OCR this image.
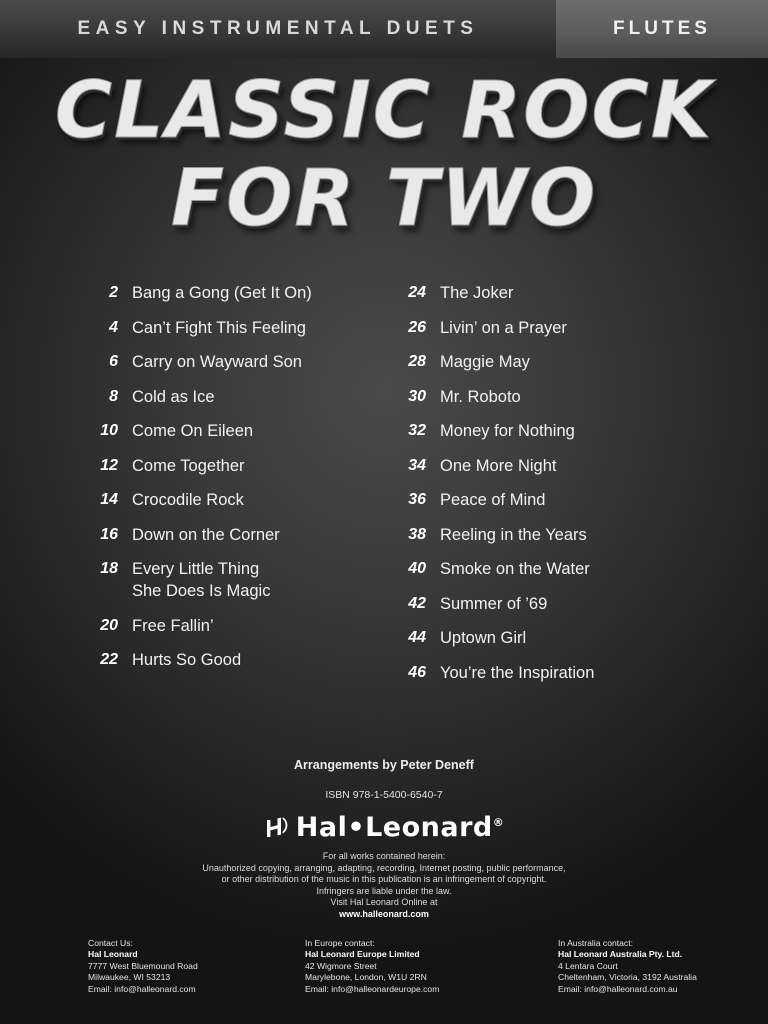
EASY INSTRUMENTAL DUETS	FLUTES
CLASSIC ROCK
FOR TWO
2 Bang a Gong (Get It On)
4 Can’t Fight This Feeling
6 Carry on Wayward Son
8 Cold as Ice
10 Come On Eileen
12 Come Together
14 Crocodile Rock
16 Down on the Corner
18 Every Little Thing
She Does Is Magic
20 Free Fallin’
22 Hurts So Good
24 The Joker
26 Livin’ on a Prayer
28 Maggie May
30 Mr. Roboto
32 Money for Nothing
34 One More Night
36 Peace of Mind
38 Reeling in the Years
40 Smoke on the Water
42 Summer of ’69
44 Uptown Girl
46 You’re the Inspiration
Arrangements by Peter Deneff
ISBN 978-1-5400-6540-7
Hal•Leonard®
For all works contained herein:
Unauthorized copying, arranging, adapting, recording, Internet posting, public performance,
or other distribution of the music in this publication is an infringement of copyright.
Infringers are liable under the law.
Visit Hal Leonard Online at
www.halleonard.com
Contact Us:
Hal Leonard
7777 West Bluemound Road
Milwaukee, WI 53213
Email: info@halleonard.com
In Europe contact:
Hal Leonard Europe Limited
42 Wigmore Street
Marylebone, London, W1U 2RN
Email: info@halleonardeurope.com
In Australia contact:
Hal Leonard Australia Pty. Ltd.
4 Lentara Court
Cheltenham, Victoria, 3192 Australia
Email: info@halleonard.com.au
